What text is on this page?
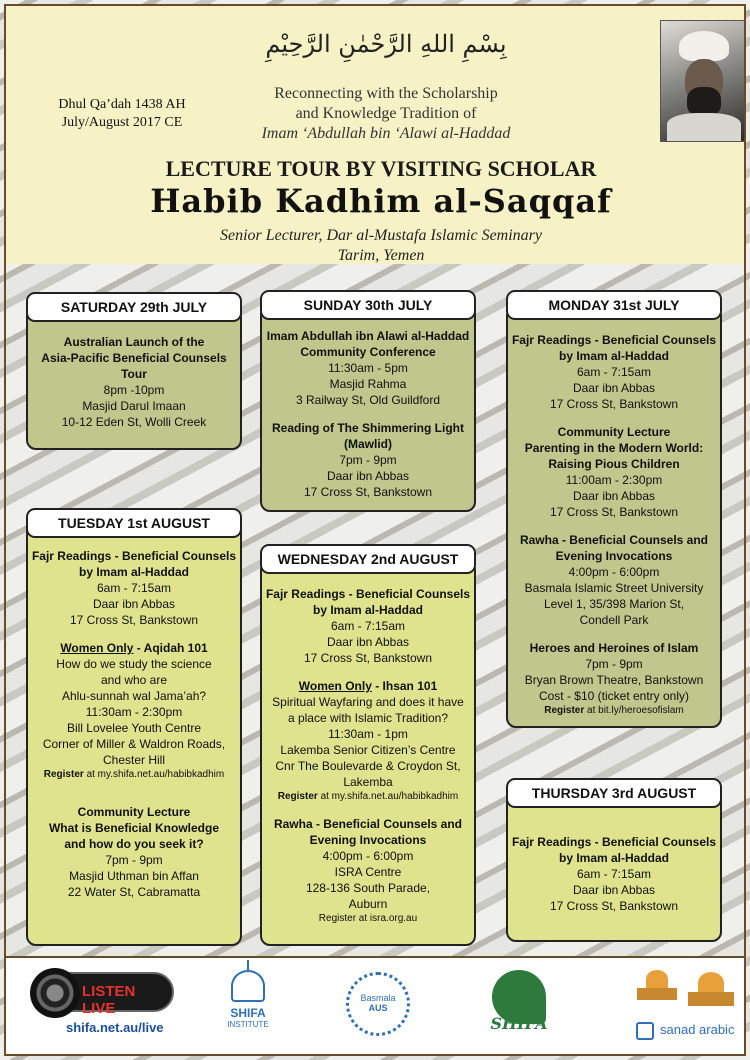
بِسْمِ اللهِ الرَّحْمٰنِ الرَّحِيْمِ
Dhul Qa’dah 1438 AH
July/August 2017 CE
Reconnecting with the Scholarship
and Knowledge Tradition of
Imam ‘Abdullah bin ‘Alawi al-Haddad
LECTURE TOUR BY VISITING SCHOLAR
Habib Kadhim al-Saqqaf
Senior Lecturer, Dar al-Mustafa Islamic Seminary
Tarim, Yemen
Australian Launch of the
Asia-Pacific Beneficial Counsels Tour
8pm -10pm
Masjid Darul Imaan
10-12 Eden St, Wolli Creek
SATURDAY 29th JULY
Imam Abdullah ibn Alawi al-Haddad
Community Conference
11:30am - 5pm
Masjid Rahma
3 Railway St, Old Guildford
Reading of The Shimmering Light
(Mawlid)
7pm - 9pm
Daar ibn Abbas
17 Cross St, Bankstown
SUNDAY 30th JULY
Fajr Readings - Beneficial Counsels
by Imam al-Haddad
6am - 7:15am
Daar ibn Abbas
17 Cross St, Bankstown
Community Lecture
Parenting in the Modern World:
Raising Pious Children
11:00am - 2:30pm
Daar ibn Abbas
17 Cross St, Bankstown
Rawha - Beneficial Counsels and
Evening Invocations
4:00pm - 6:00pm
Basmala Islamic Street University
Level 1, 35/398 Marion St,
Condell Park
Heroes and Heroines of Islam
7pm - 9pm
Bryan Brown Theatre, Bankstown
Cost - $10 (ticket entry only)
Register at bit.ly/heroesofislam
MONDAY 31st JULY
Fajr Readings - Beneficial Counsels
by Imam al-Haddad
6am - 7:15am
Daar ibn Abbas
17 Cross St, Bankstown
Women Only - Aqidah 101
How do we study the science
and who are
Ahlu-sunnah wal Jama’ah?
11:30am - 2:30pm
Bill Lovelee Youth Centre
Corner of Miller & Waldron Roads,
Chester Hill
Register at my.shifa.net.au/habibkadhim
Community Lecture
What is Beneficial Knowledge
and how do you seek it?
7pm - 9pm
Masjid Uthman bin Affan
22 Water St, Cabramatta
TUESDAY 1st AUGUST
Fajr Readings - Beneficial Counsels
by Imam al-Haddad
6am - 7:15am
Daar ibn Abbas
17 Cross St, Bankstown
Women Only - Ihsan 101
Spiritual Wayfaring and does it have
a place with Islamic Tradition?
11:30am - 1pm
Lakemba Senior Citizen’s Centre
Cnr The Boulevarde & Croydon St,
Lakemba
Register at my.shifa.net.au/habibkadhim
Rawha - Beneficial Counsels and
Evening Invocations
4:00pm - 6:00pm
ISRA Centre
128-136 South Parade,
Auburn
Register at isra.org.au
WEDNESDAY 2nd AUGUST
Fajr Readings - Beneficial Counsels
by Imam al-Haddad
6am - 7:15am
Daar ibn Abbas
17 Cross St, Bankstown
THURSDAY 3rd AUGUST
LISTEN LIVE
shifa.net.au/live
SHIFA
INSTITUTE
Basmala
AUS
SHIFA	sanad arabic
